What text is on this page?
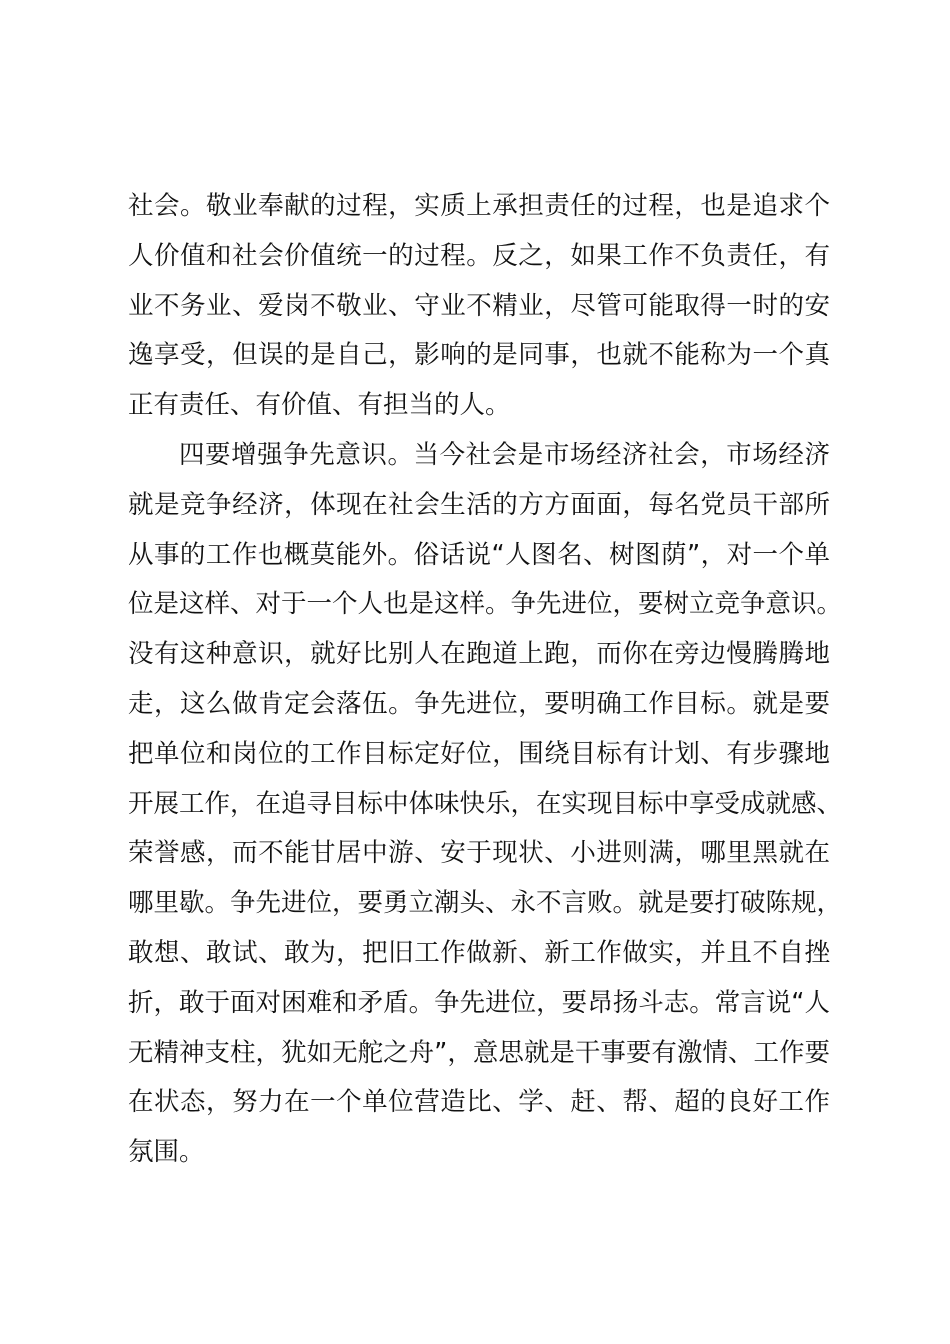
社会。敬业奉献的过程，实质上承担责任的过程，也是追求个
人价值和社会价值统一的过程。反之，如果工作不负责任，有
业不务业、爱岗不敬业、守业不精业，尽管可能取得一时的安
逸享受，但误的是自己，影响的是同事，也就不能称为一个真
正有责任、有价值、有担当的人。
四要增强争先意识。当今社会是市场经济社会，市场经济
就是竞争经济，体现在社会生活的方方面面，每名党员干部所
从事的工作也概莫能外。俗话说“人图名、树图荫”，对一个单
位是这样、对于一个人也是这样。争先进位，要树立竞争意识。
没有这种意识，就好比别人在跑道上跑，而你在旁边慢腾腾地
走，这么做肯定会落伍。争先进位，要明确工作目标。就是要
把单位和岗位的工作目标定好位，围绕目标有计划、有步骤地
开展工作，在追寻目标中体味快乐，在实现目标中享受成就感、
荣誉感，而不能甘居中游、安于现状、小进则满，哪里黑就在
哪里歇。争先进位，要勇立潮头、永不言败。就是要打破陈规，
敢想、敢试、敢为，把旧工作做新、新工作做实，并且不自挫
折，敢于面对困难和矛盾。争先进位，要昂扬斗志。常言说“人
无精神支柱，犹如无舵之舟”，意思就是干事要有激情、工作要
在状态，努力在一个单位营造比、学、赶、帮、超的良好工作
氛围。
